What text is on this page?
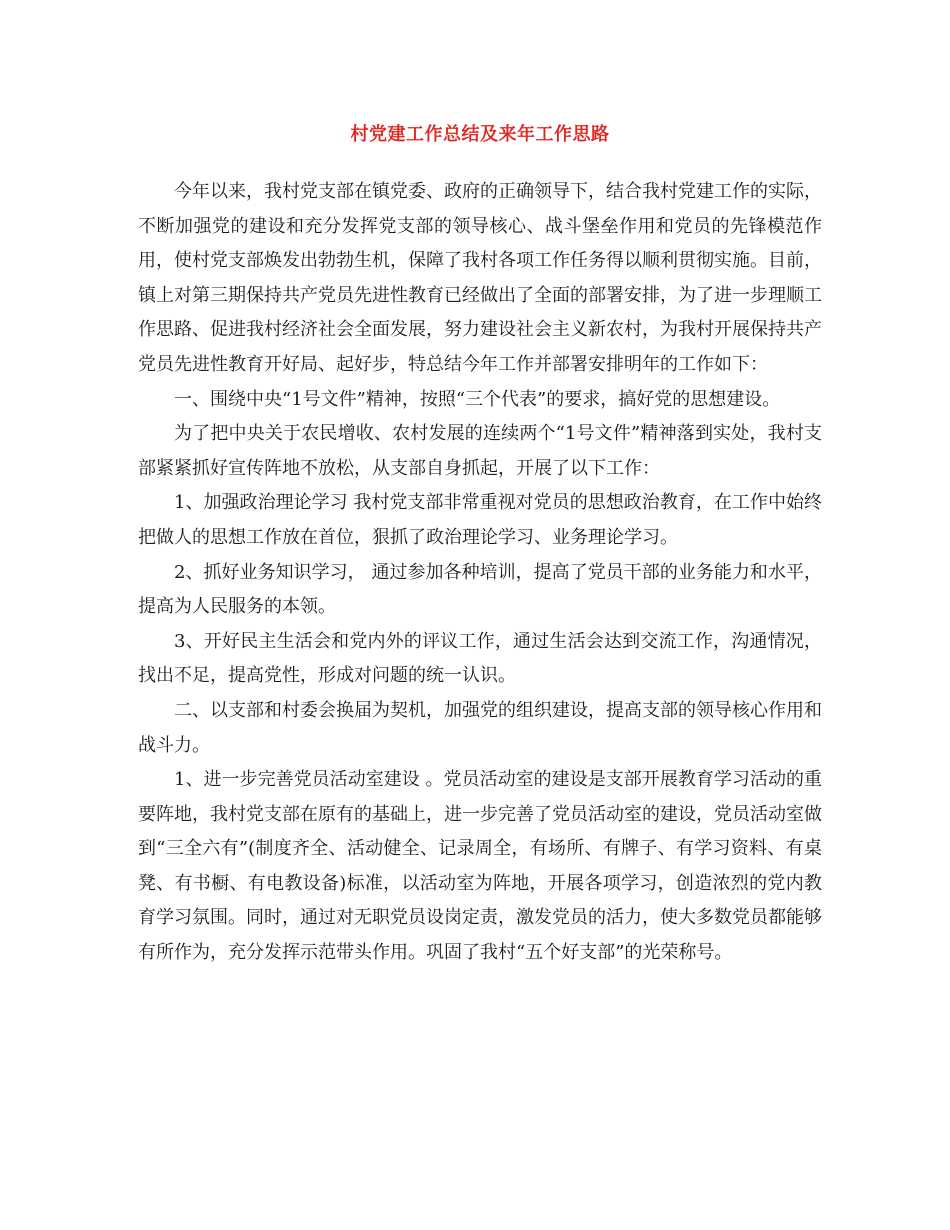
村党建工作总结及来年工作思路

今年以来，我村党支部在镇党委、政府的正确领导下，结合我村党建工作的实际，不断加强党的建设和充分发挥党支部的领导核心、战斗堡垒作用和党员的先锋模范作用，使村党支部焕发出勃勃生机，保障了我村各项工作任务得以顺利贯彻实施。目前，镇上对第三期保持共产党员先进性教育已经做出了全面的部署安排，为了进一步理顺工作思路、促进我村经济社会全面发展，努力建设社会主义新农村，为我村开展保持共产党员先进性教育开好局、起好步，特总结今年工作并部署安排明年的工作如下：

一、围绕中央“1号文件”精神，按照“三个代表”的要求，搞好党的思想建设。

为了把中央关于农民增收、农村发展的连续两个“1号文件”精神落到实处，我村支部紧紧抓好宣传阵地不放松，从支部自身抓起，开展了以下工作：

1、加强政治理论学习 我村党支部非常重视对党员的思想政治教育，在工作中始终把做人的思想工作放在首位，狠抓了政治理论学习、业务理论学习。

2、抓好业务知识学习， 通过参加各种培训，提高了党员干部的业务能力和水平，提高为人民服务的本领。

3、开好民主生活会和党内外的评议工作，通过生活会达到交流工作，沟通情况，找出不足，提高党性，形成对问题的统一认识。

二、以支部和村委会换届为契机，加强党的组织建设，提高支部的领导核心作用和战斗力。

1、进一步完善党员活动室建设 。党员活动室的建设是支部开展教育学习活动的重要阵地，我村党支部在原有的基础上，进一步完善了党员活动室的建设，党员活动室做到“三全六有”(制度齐全、活动健全、记录周全，有场所、有牌子、有学习资料、有桌凳、有书橱、有电教设备)标准，以活动室为阵地，开展各项学习，创造浓烈的党内教育学习氛围。同时，通过对无职党员设岗定责，激发党员的活力，使大多数党员都能够有所作为，充分发挥示范带头作用。巩固了我村“五个好支部”的光荣称号。
